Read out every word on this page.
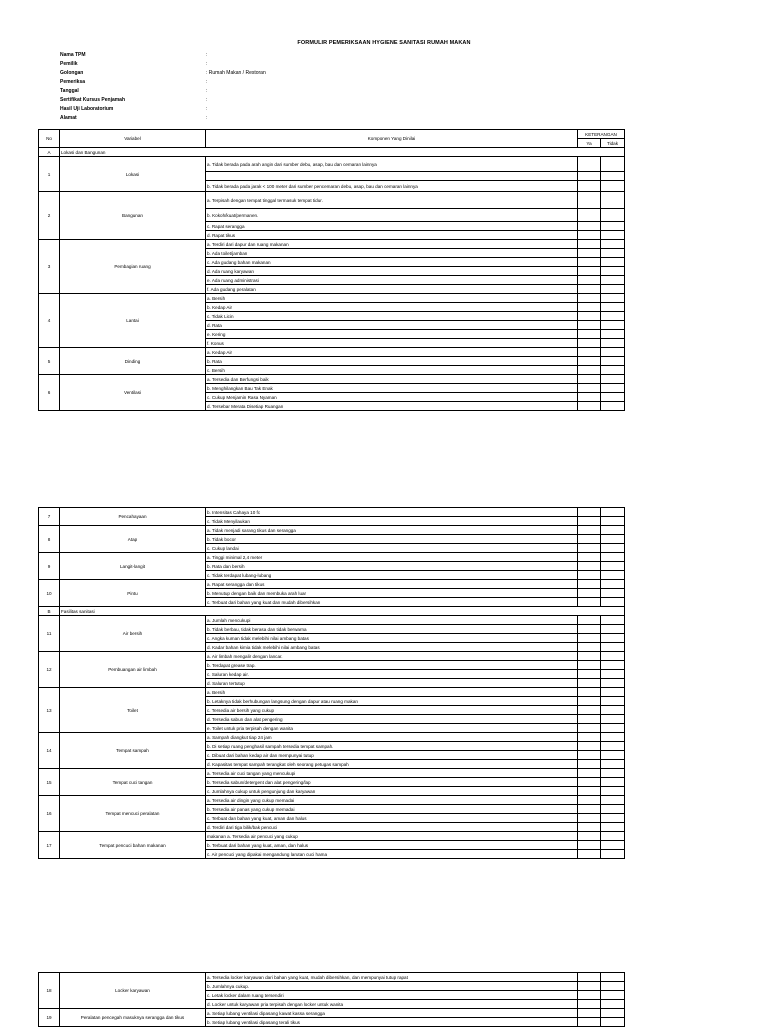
FORMULIR PEMERIKSAAN HYGIENE SANITASI RUMAH MAKAN
Nama TPM	:
Pemilik	:
Golongan	: Rumah Makan / Restoran
Pemeriksa	:
Tanggal	:
Sertifikat Kursus Penjamah	:
Hasil Uji Laboratorium	:
Alamat	:
No	Variabel	Komponen Yang Dinilai	KETERANGAN	
			Ya	Tidak
A	Lokasi dan Bangunan			
1	Lokasi	a. Tidak berada pada arah angin dari sumber debu, asap, bau dan cemaran lainnya		

		b. Tidak berada pada jarak < 100 meter dari sumber pencemaran debu, asap, bau dan cemaran lainnya		
2	Bangunan	a. Terpisah dengan tempat tinggal termasuk tempat tidur.		
		b. Kokoh/kuat/permanen.		
		c. Rapat serangga		
		d. Rapat tikus		
3	Pembagian ruang	a. Terdiri dari dapur dan ruang makanan		
		b. Ada toilet/jamban		
		c. Ada gudang bahan makanan		
		d. Ada ruang karyawan		
		e. Ada ruang administrasi		
		f. Ada gudang peralatan		
4	Lantai	a. Bersih		
		b. Kedap Air		
		c. Tidak Licin		
		d. Rata		
		e. Kering		
		f. Konus		
5	Dinding	a. Kedap Air		
		b. Rata		
		c. Bersih		
6	Ventilasi	a. Tersedia dan Berfungsi baik		
		b. Menghilangkan Bau Tak Enak		
		c. Cukup Menjamin Rasa Nyaman		
		d. Tersebar Merata Disetiap Ruangan		
7	Pencahayaan	b. Intensitas Cahaya 10 fc		
		c. Tidak Menyilaukan		
8	Atap	a. Tidak menjadi sarang tikus dan serangga		
		b. Tidak bocor		
		c. Cukup landai		
9	Langit-langit	a. Tinggi minimal 2,4 meter		
		b. Rata dan bersih		
		c. Tidak terdapat lubang-lubang		
10	Pintu	a. Rapat serangga dan tikus		
		b. Menutup dengan baik dan membuka arah luar		
		c. Terbuat dari bahan yang kuat dan mudah dibersihkan		
B	Fasilitas sanitasi			
11	Air bersih	a. Jumlah mencukupi		
		b. Tidak berbau, tidak berasa dan tidak berwarna		
		c. Angka kuman tidak melebihi nilai ambang batas		
		d. Kadar bahan kimia tidak melebihi nilai ambang batas		
12	Pembuangan air limbah	a. Air limbah mengalir dengan lancar.		
		b. Terdapat grease trap.		
		c. Saluran kedap air.		
		d. Saluran tertutup		
13	Toilet	a. Bersih		
		b. Letaknya tidak berhubungan langsung dengan dapur atau ruang makan		
		c. Tersedia air bersih yang cukup		
		d. Tersedia sabun dan alat pengering		
		e. Toilet untuk pria terpisah dengan wanita		
14	Tempat sampah	a. Sampah diangkut tiap 24 jam		
		b. Di setiap ruang penghasil sampah tersedia tempat sampah.		
		c. Dibuat dari bahan kedap air dan mempunyai tutup		
		d. Kapasitas tempat sampah terangkat oleh seorang petugas sampah		
15	Tempat cuci tangan	a. Tersedia air cuci tangan yang mencukupi		
		b. Tersedia sabun/detergent dan alat pengering/lap		
		c. Jumlahnya cukup untuk pengunjung dan karyawan		
16	Tempat mencuci peralatan	a. Tersedia air dingin yang cukup memadai		
		b. Tersedia air panas yang cukup memadai		
		c. Terbuat dan bahan yang kuat, aman dan halus		
		d. Terdiri dari tiga bilik/bak pencuci		
17	Tempat pencuci bahan makanan	makanan a. Tersedia air pencuci yang cukup		
		b. Terbuat dari bahan yang kuat, aman, dan halus		
		c. Air pencuci yang dipakai mengandung larutan cuci hama		
18	Locker karyawan	a. Tersedia locker karyawan dari bahan yang kuat, mudah dibersihkan, dan mempunyai tutup rapat		
		b. Jumlahnya cukup.		
		c. Letak locker dalam ruang tersendiri		
		d. Locker untuk karyawan pria terpisah dengan locker untuk wanita		
19	Peralatan pencegah masuknya serangga dan tikus	a. Setiap lubang ventilasi dipasang kawat kassa serangga		
		b. Setiap lubang ventilasi dipasang terali tikus		
